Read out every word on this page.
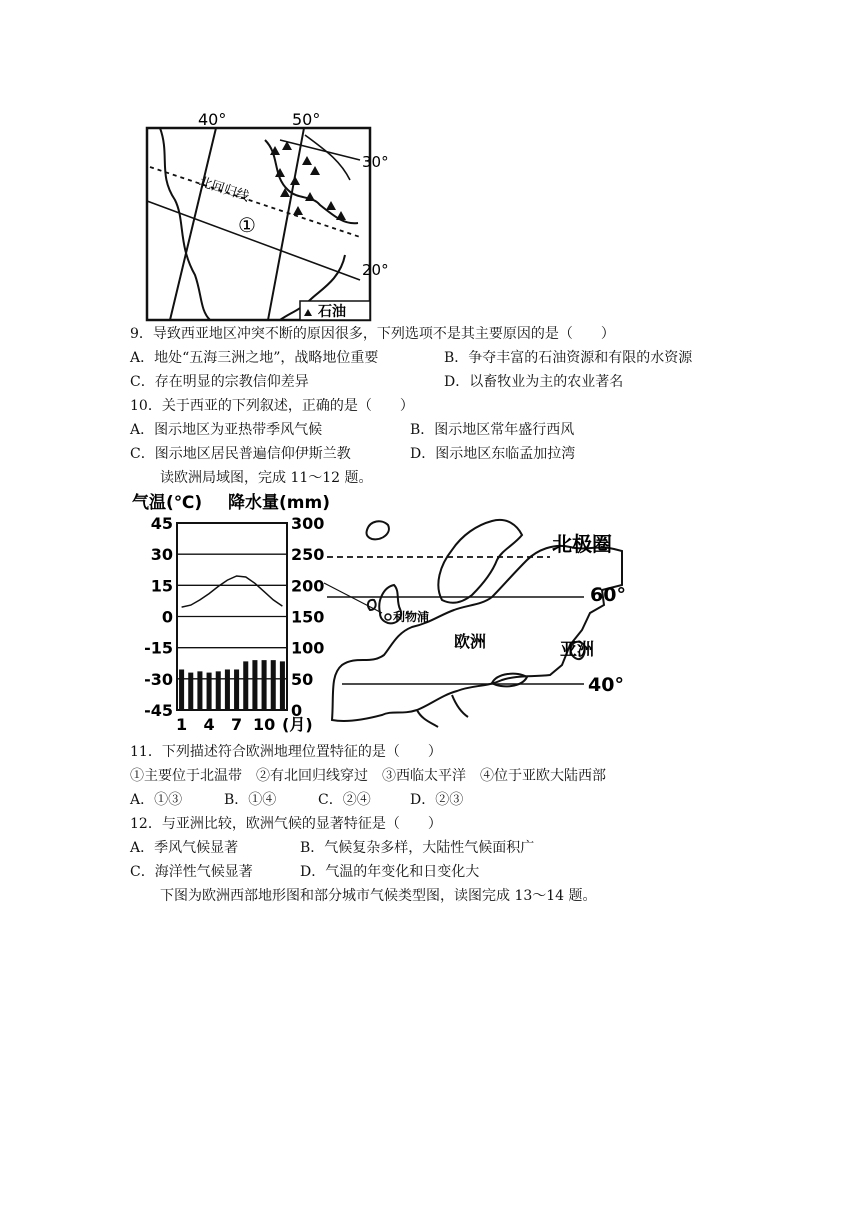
40°	50°
30°
20°
北回归线
①
石油
9．导致西亚地区冲突不断的原因很多，下列选项不是其主要原因的是（　　）
A．地处“五海三洲之地”，战略地位重要	B．争夺丰富的石油资源和有限的水资源
C．存在明显的宗教信仰差异	D．以畜牧业为主的农业著名
10．关于西亚的下列叙述，正确的是（　　）
A．图示地区为亚热带季风气候	B．图示地区常年盛行西风
C．图示地区居民普遍信仰伊斯兰教	D．图示地区东临孟加拉湾
读欧洲局域图，完成 11～12 题。
气温(℃) 降水量(mm)
45
30
15
0
-15
-30
-45
300
250
200
150
100
50
0
1 4 7 10 (月)
北极圈
60°
40°
利物浦
欧洲	亚洲
11．下列描述符合欧洲地理位置特征的是（　　）
①主要位于北温带　②有北回归线穿过　③西临太平洋　④位于亚欧大陆西部
A．①③	B．①④	C．②④	D．②③
12．与亚洲比较，欧洲气候的显著特征是（　　）
A．季风气候显著	B．气候复杂多样，大陆性气候面积广
C．海洋性气候显著	D．气温的年变化和日变化大
下图为欧洲西部地形图和部分城市气候类型图，读图完成 13～14 题。
